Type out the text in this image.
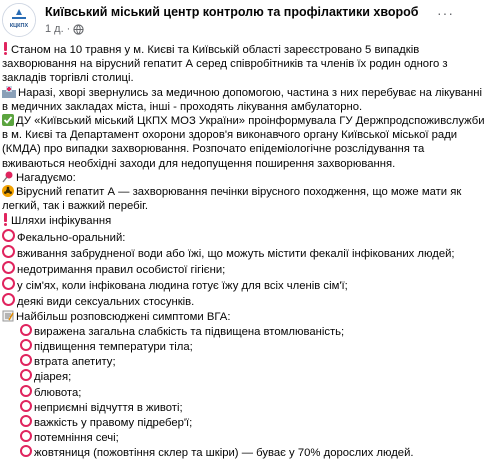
КЦКПХ
Київський міський центр контролю та профілактики хвороб
1 д. ·
···

Станом на 10 травня у м. Києві та Київській області зареєстровано 5 випадків

захворювання на вірусний гепатит А серед співробітників та членів їх родин одного з

закладів торгівлі столиці.

Наразі, хворі звернулись за медичною допомогою, частина з них перебуває на лікуванні

в медичних закладах міста, інші - проходять лікування амбулаторно.

ДУ «Київський міський ЦКПХ МОЗ України» проінформувала ГУ Держпродспоживслужби

в м. Києві та Департамент охорони здоров'я виконавчого органу Київської міської ради

(КМДА) про випадки захворювання. Розпочато епідеміологічне розслідування та

вживаються необхідні заходи для недопущення поширення захворювання.

Нагадуємо:

Вірусний гепатит А — захворювання печінки вірусного походження, що може мати як

легкий, так і важкий перебіг.

Шляхи інфікування

Фекально-оральний:

вживання забрудненої води або їжі, що можуть містити фекалії інфікованих людей;

недотримання правил особистої гігієни;

у сім'ях, коли інфікована людина готує їжу для всіх членів сім'ї;

деякі види сексуальних стосунків.

Найбільш розповсюджені симптоми ВГА:

виражена загальна слабкість та підвищена втомлюваність;

підвищення температури тіла;

втрата апетиту;

діарея;

блювота;

неприємні відчуття в животі;

важкість у правому підребер'ї;

потемніння сечі;

жовтяниця (пожовтіння склер та шкіри) — буває у 70% дорослих людей.
